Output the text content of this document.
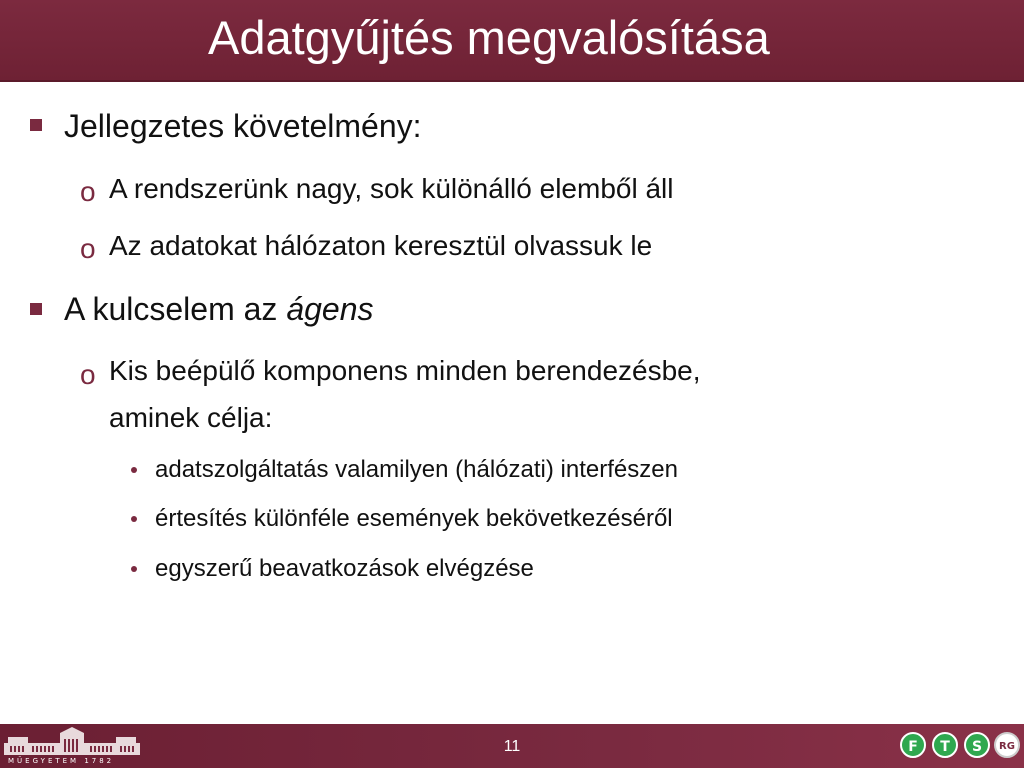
Adatgyűjtés megvalósítása
Jellegzetes követelmény:
o A rendszerünk nagy, sok különálló elemből áll
o Az adatokat hálózaton keresztül olvassuk le
A kulcselem az ágens
o Kis beépülő komponens minden berendezésbe,
aminek célja:
adatszolgáltatás valamilyen (hálózati) interfészen
értesítés különféle események bekövetkezéséről
egyszerű beavatkozások elvégzése
MŰEGYETEM 1782
11	F	T	S	RG
